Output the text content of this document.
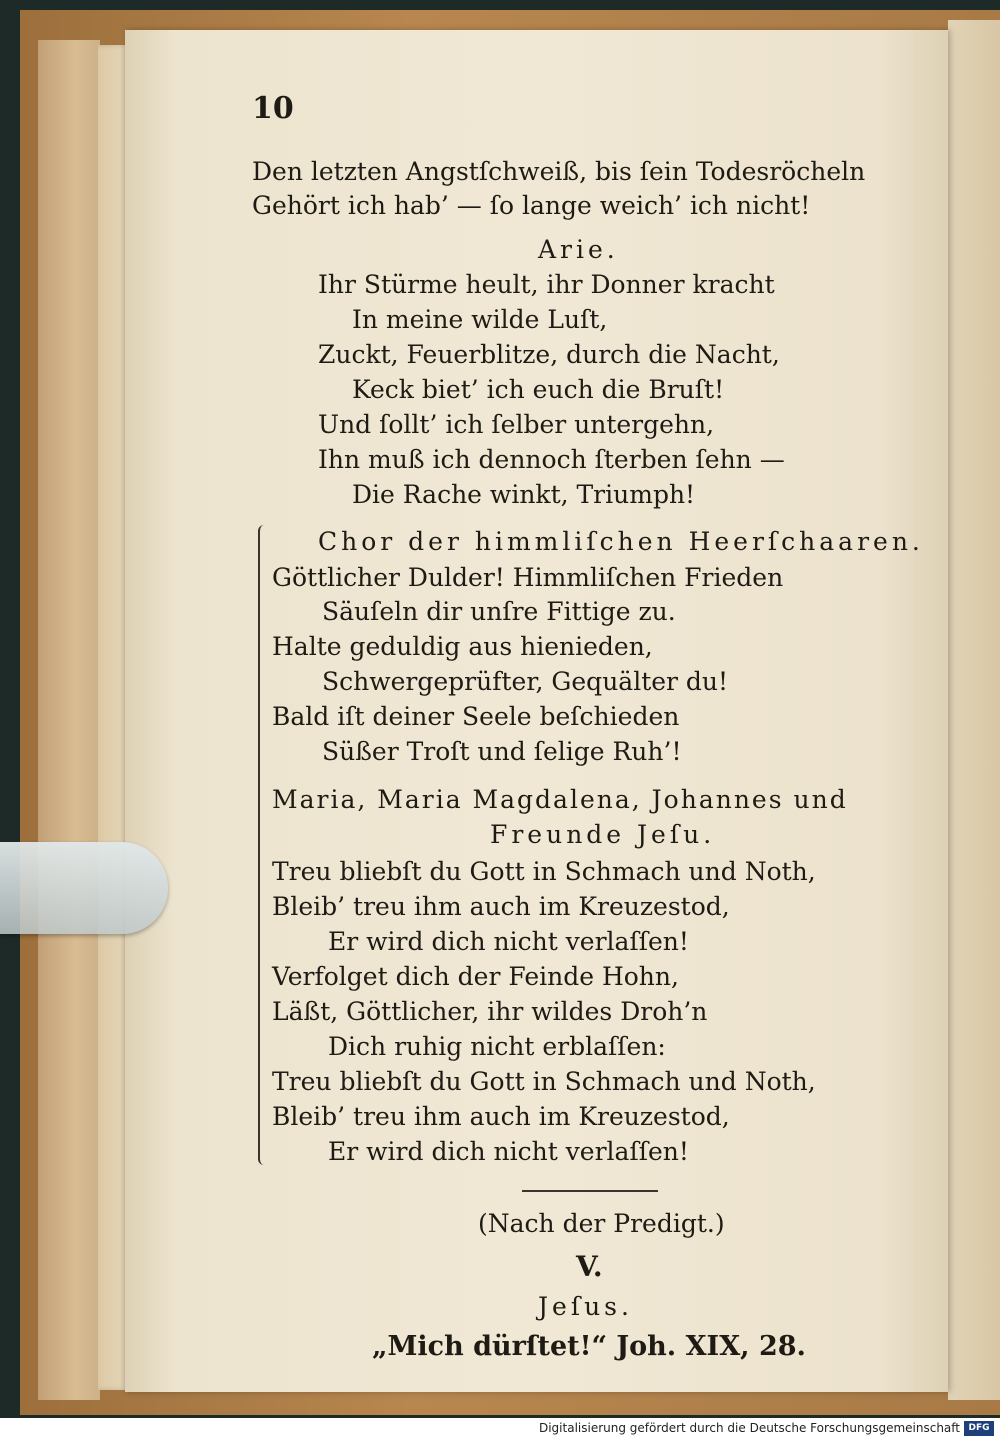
10
Den letzten Angstſchweiß, bis ſein Todesröcheln
Gehört ich hab’ — ſo lange weich’ ich nicht!
Arie.
Ihr Stürme heult, ihr Donner kracht
In meine wilde Luſt,
Zuckt, Feuerblitze, durch die Nacht,
Keck biet’ ich euch die Bruſt!
Und ſollt’ ich ſelber untergehn,
Ihn muß ich dennoch ſterben ſehn —
Die Rache winkt, Triumph!
Chor der himmliſchen Heerſchaaren.
Göttlicher Dulder! Himmliſchen Frieden
Säuſeln dir unſre Fittige zu.
Halte geduldig aus hienieden,
Schwergeprüfter, Gequälter du!
Bald iſt deiner Seele beſchieden
Süßer Troſt und ſelige Ruh’!
Maria, Maria Magdalena, Johannes und
Freunde Jeſu.
Treu bliebſt du Gott in Schmach und Noth,
Bleib’ treu ihm auch im Kreuzestod,
Er wird dich nicht verlaſſen!
Verfolget dich der Feinde Hohn,
Läßt, Göttlicher, ihr wildes Droh’n
Dich ruhig nicht erblaſſen:
Treu bliebſt du Gott in Schmach und Noth,
Bleib’ treu ihm auch im Kreuzestod,
Er wird dich nicht verlaſſen!
(Nach der Predigt.)
V.
Jeſus.
„Mich dürſtet!“ Joh. XIX, 28.
Digitalisierung gefördert durch die Deutsche Forschungsgemeinschaft DFG
